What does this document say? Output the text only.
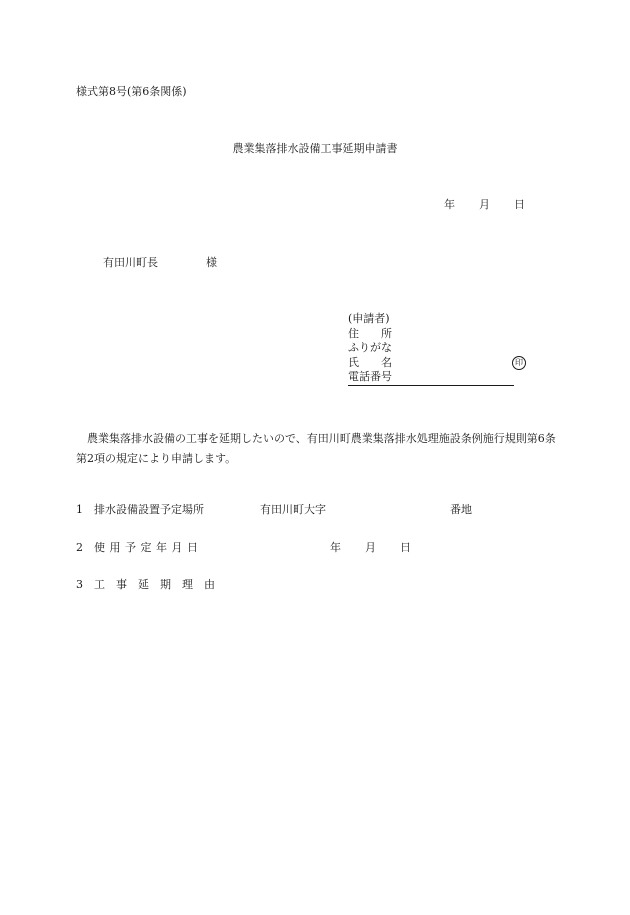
様式第8号(第6条関係)
農業集落排水設備工事延期申請書
年 月 日
有田川町長	様
(申請者)
住　　所
ふりがな
氏　　名	印
電話番号
農業集落排水設備の工事を延期したいので、有田川町農業集落排水処理施設条例施行規則第6条第2項の規定により申請します。
1 排水設備設置予定場所	有田川町大字	番地
2 使用予定年月日	年 月 日
3 工事延期理由
